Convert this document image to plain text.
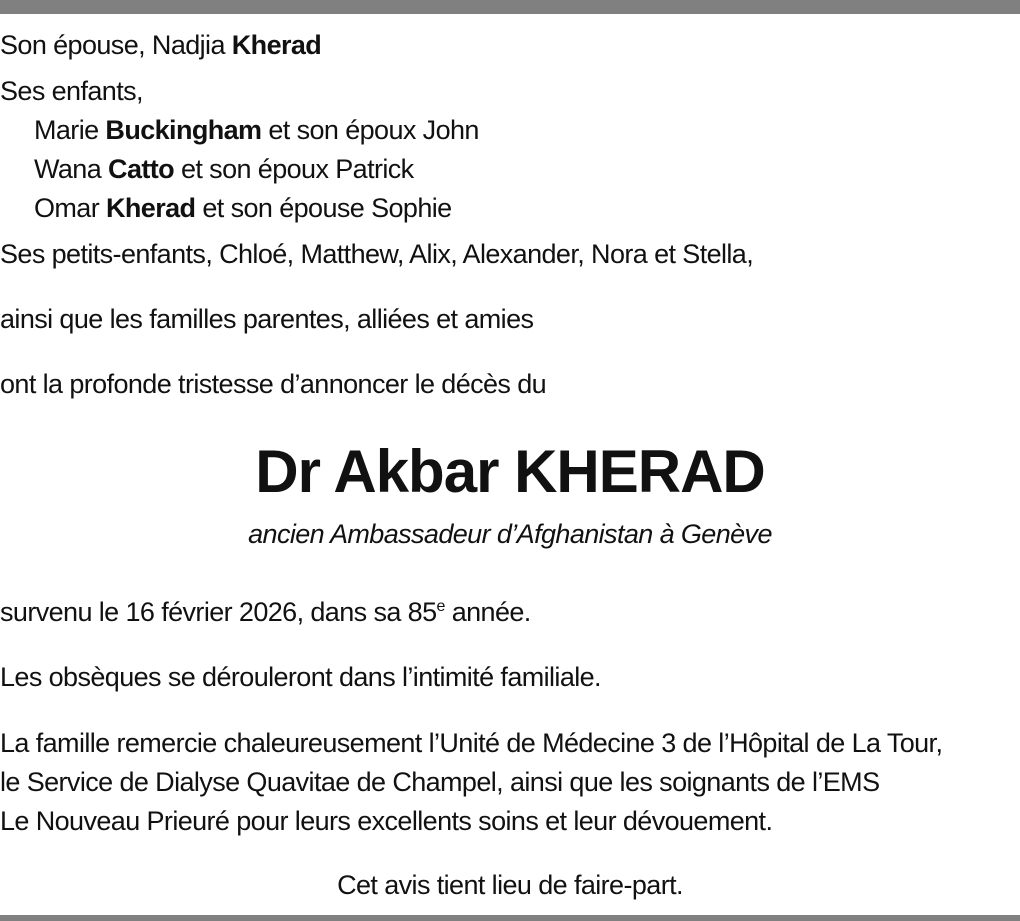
Son épouse, Nadjia Kherad
Ses enfants,
Marie Buckingham et son époux John
Wana Catto et son époux Patrick
Omar Kherad et son épouse Sophie
Ses petits-enfants, Chloé, Matthew, Alix, Alexander, Nora et Stella,
ainsi que les familles parentes, alliées et amies
ont la profonde tristesse d’annoncer le décès du
Dr Akbar KHERAD
ancien Ambassadeur d’Afghanistan à Genève
survenu le 16 février 2026, dans sa 85e année.
Les obsèques se dérouleront dans l’intimité familiale.
La famille remercie chaleureusement l’Unité de Médecine 3 de l’Hôpital de La Tour,
le Service de Dialyse Quavitae de Champel, ainsi que les soignants de l’EMS
Le Nouveau Prieuré pour leurs excellents soins et leur dévouement.
Cet avis tient lieu de faire-part.
